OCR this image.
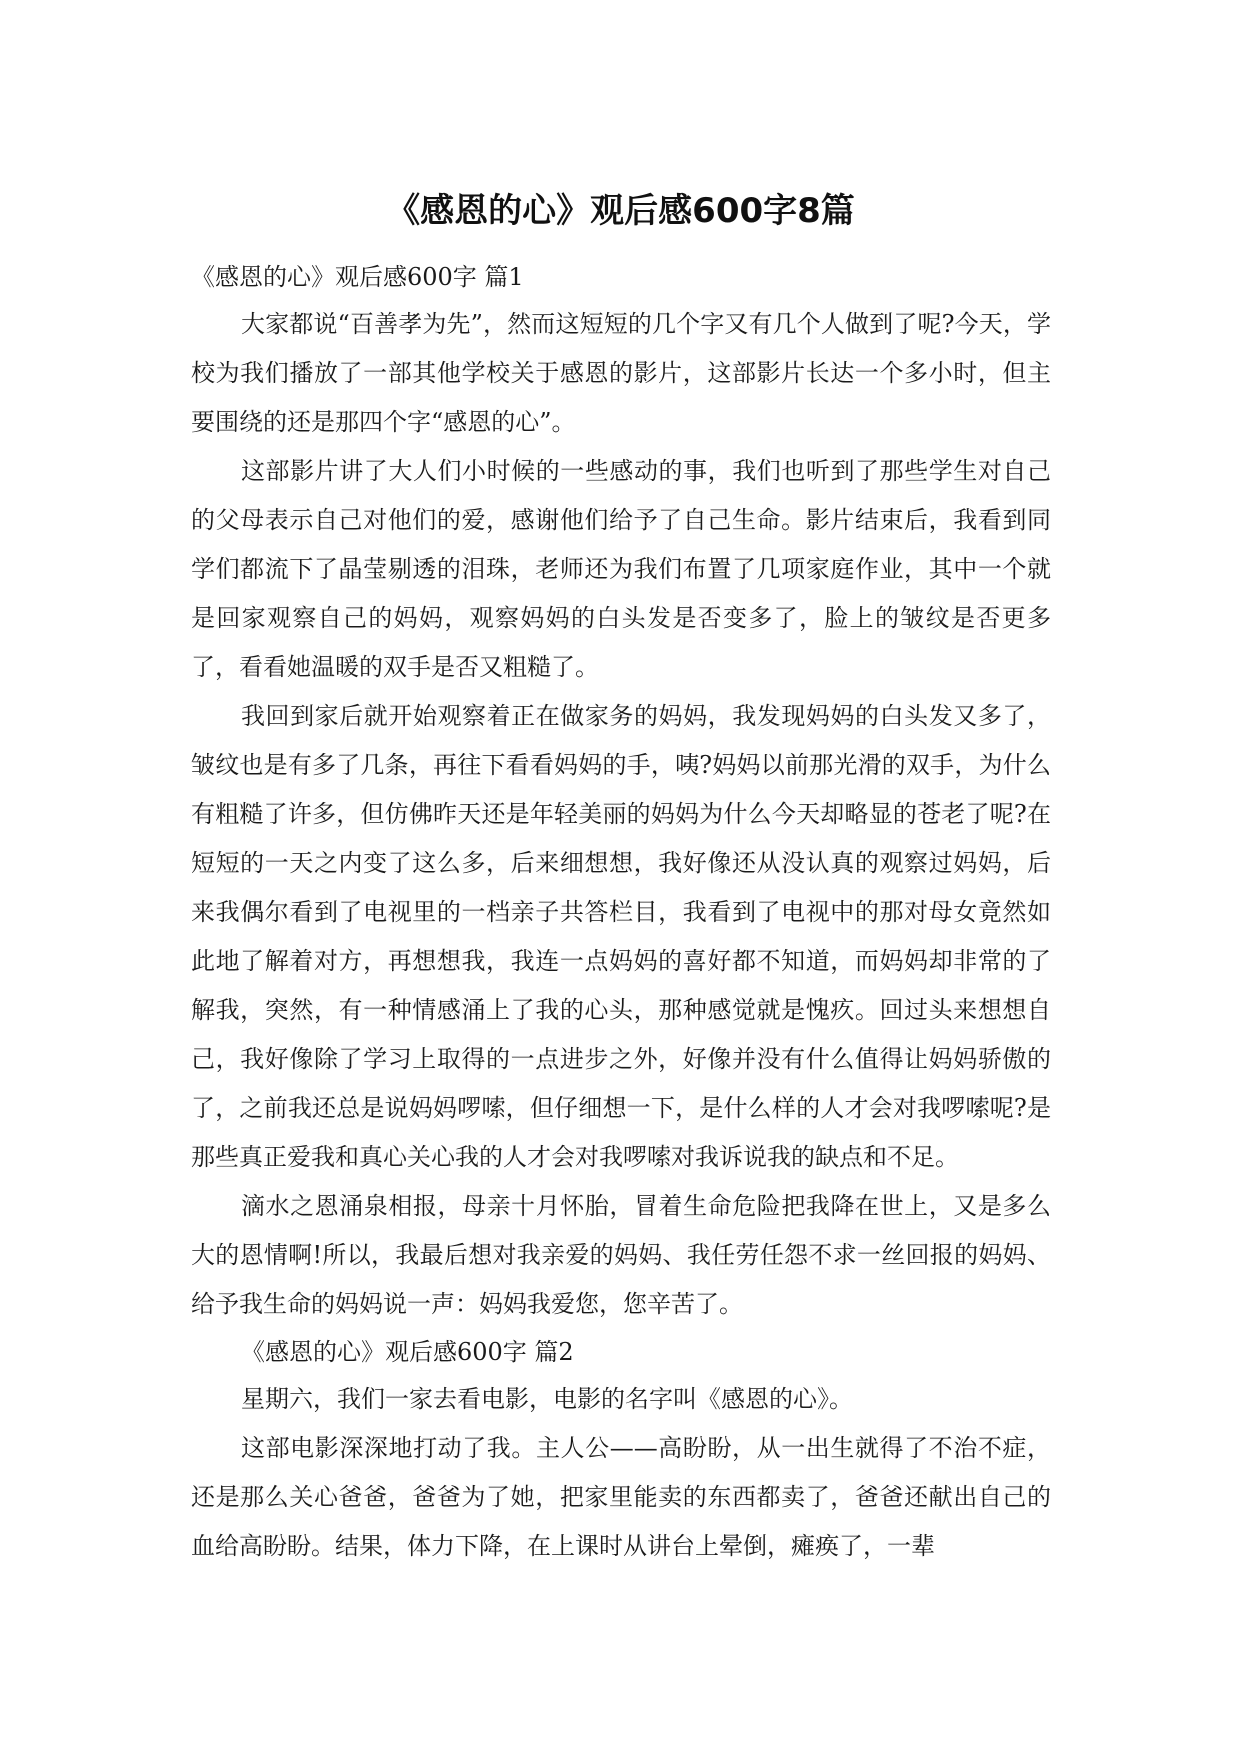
《感恩的心》观后感600字8篇

《感恩的心》观后感600字 篇1

大家都说“百善孝为先”，然而这短短的几个字又有几个人做到了呢?今天，学校为我们播放了一部其他学校关于感恩的影片，这部影片长达一个多小时，但主要围绕的还是那四个字“感恩的心”。

这部影片讲了大人们小时候的一些感动的事，我们也听到了那些学生对自己的父母表示自己对他们的爱，感谢他们给予了自己生命。影片结束后，我看到同学们都流下了晶莹剔透的泪珠，老师还为我们布置了几项家庭作业，其中一个就是回家观察自己的妈妈，观察妈妈的白头发是否变多了，脸上的皱纹是否更多了，看看她温暖的双手是否又粗糙了。

我回到家后就开始观察着正在做家务的妈妈，我发现妈妈的白头发又多了，皱纹也是有多了几条，再往下看看妈妈的手，咦?妈妈以前那光滑的双手，为什么有粗糙了许多，但仿佛昨天还是年轻美丽的妈妈为什么今天却略显的苍老了呢?在短短的一天之内变了这么多，后来细想想，我好像还从没认真的观察过妈妈，后来我偶尔看到了电视里的一档亲子共答栏目，我看到了电视中的那对母女竟然如此地了解着对方，再想想我，我连一点妈妈的喜好都不知道，而妈妈却非常的了解我，突然，有一种情感涌上了我的心头，那种感觉就是愧疚。回过头来想想自己，我好像除了学习上取得的一点进步之外，好像并没有什么值得让妈妈骄傲的了，之前我还总是说妈妈啰嗦，但仔细想一下，是什么样的人才会对我啰嗦呢?是那些真正爱我和真心关心我的人才会对我啰嗦对我诉说我的缺点和不足。

滴水之恩涌泉相报，母亲十月怀胎，冒着生命危险把我降在世上，又是多么大的恩情啊!所以，我最后想对我亲爱的妈妈、我任劳任怨不求一丝回报的妈妈、给予我生命的妈妈说一声：妈妈我爱您，您辛苦了。

《感恩的心》观后感600字 篇2

星期六，我们一家去看电影，电影的名字叫《感恩的心》。

这部电影深深地打动了我。主人公——高盼盼，从一出生就得了不治不症，还是那么关心爸爸，爸爸为了她，把家里能卖的东西都卖了，爸爸还献出自己的血给高盼盼。结果，体力下降，在上课时从讲台上晕倒，瘫痪了，一辈
